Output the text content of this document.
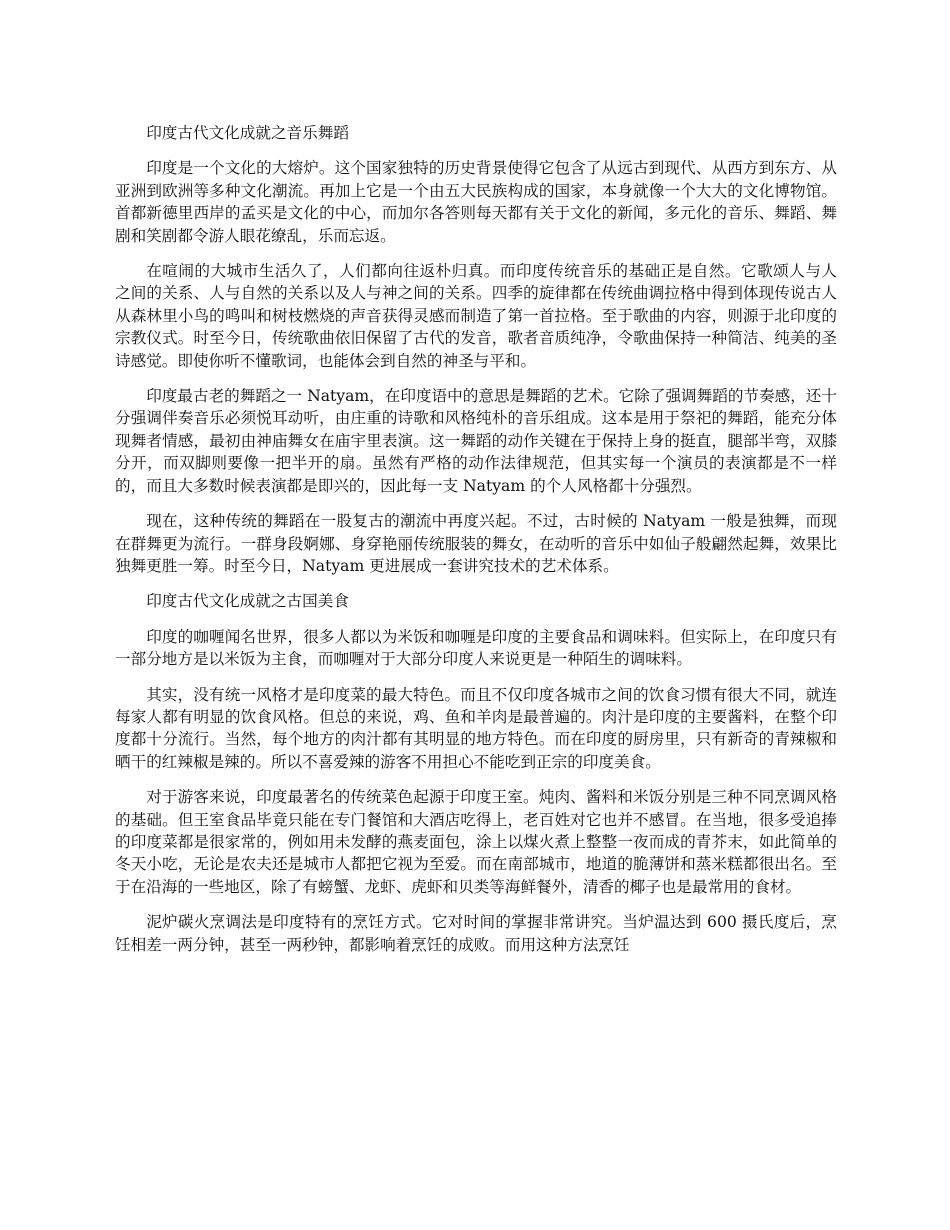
印度古代文化成就之音乐舞蹈

印度是一个文化的大熔炉。这个国家独特的历史背景使得它包含了从远古到现代、从西方到东方、从亚洲到欧洲等多种文化潮流。再加上它是一个由五大民族构成的国家，本身就像一个大大的文化博物馆。首都新德里西岸的孟买是文化的中心，而加尔各答则每天都有关于文化的新闻，多元化的音乐、舞蹈、舞剧和笑剧都令游人眼花缭乱，乐而忘返。

在喧闹的大城市生活久了，人们都向往返朴归真。而印度传统音乐的基础正是自然。它歌颂人与人 之间的关系、人与自然的关系以及人与神之间的关系。四季的旋律都在传统曲调拉格中得到体现传说古人从森林里小鸟的鸣叫和树枝燃烧的声音获得灵感而制造了第一首拉格。至于歌曲的内容，则源于北印度的宗教仪式。时至今日，传统歌曲依旧保留了古代的发音，歌者音质纯净，令歌曲保持一种简洁、纯美的圣诗感觉。即使你听不懂歌词，也能体会到自然的神圣与平和。

印度最古老的舞蹈之一 Natyam，在印度语中的意思是舞蹈的艺术。它除了强调舞蹈的节奏感，还十分强调伴奏音乐必须悦耳动听，由庄重的诗歌和风格纯朴的音乐组成。这本是用于祭祀的舞蹈，能充分体现舞者情感，最初由神庙舞女在庙宇里表演。这一舞蹈的动作关键在于保持上身的挺直，腿部半弯，双膝分开，而双脚则要像一把半开的扇。虽然有严格的动作法律规范，但其实每一个演员的表演都是不一样的，而且大多数时候表演都是即兴的，因此每一支 Natyam 的个人风格都十分强烈。

现在，这种传统的舞蹈在一股复古的潮流中再度兴起。不过，古时候的 Natyam 一般是独舞，而现在群舞更为流行。一群身段婀娜、身穿艳丽传统服装的舞女，在动听的音乐中如仙子般翩然起舞，效果比独舞更胜一筹。时至今日，Natyam 更进展成一套讲究技术的艺术体系。

印度古代文化成就之古国美食

印度的咖喱闻名世界，很多人都以为米饭和咖喱是印度的主要食品和调味料。但实际上，在印度只有一部分地方是以米饭为主食，而咖喱对于大部分印度人来说更是一种陌生的调味料。

其实，没有统一风格才是印度菜的最大特色。而且不仅印度各城市之间的饮食习惯有很大不同，就连每家人都有明显的饮食风格。但总的来说，鸡、鱼和羊肉是最普遍的。肉汁是印度的主要酱料，在整个印度都十分流行。当然，每个地方的肉汁都有其明显的地方特色。而在印度的厨房里，只有新奇的青辣椒和晒干的红辣椒是辣的。所以不喜爱辣的游客不用担心不能吃到正宗的印度美食。

对于游客来说，印度最著名的传统菜色起源于印度王室。炖肉、酱料和米饭分别是三种不同烹调风格的基础。但王室食品毕竟只能在专门餐馆和大酒店吃得上，老百姓对它也并不感冒。在当地，很多受追捧的印度菜都是很家常的，例如用未发酵的燕麦面包，涂上以煤火煮上整整一夜而成的青芥末，如此简单的冬天小吃，无论是农夫还是城市人都把它视为至爱。而在南部城市，地道的脆薄饼和蒸米糕都很出名。至于在沿海的一些地区，除了有螃蟹、龙虾、虎虾和贝类等海鲜餐外，清香的椰子也是最常用的食材。

泥炉碳火烹调法是印度特有的烹饪方式。它对时间的掌握非常讲究。当炉温达到 600 摄氏度后，烹饪相差一两分钟，甚至一两秒钟，都影响着烹饪的成败。而用这种方法烹饪
